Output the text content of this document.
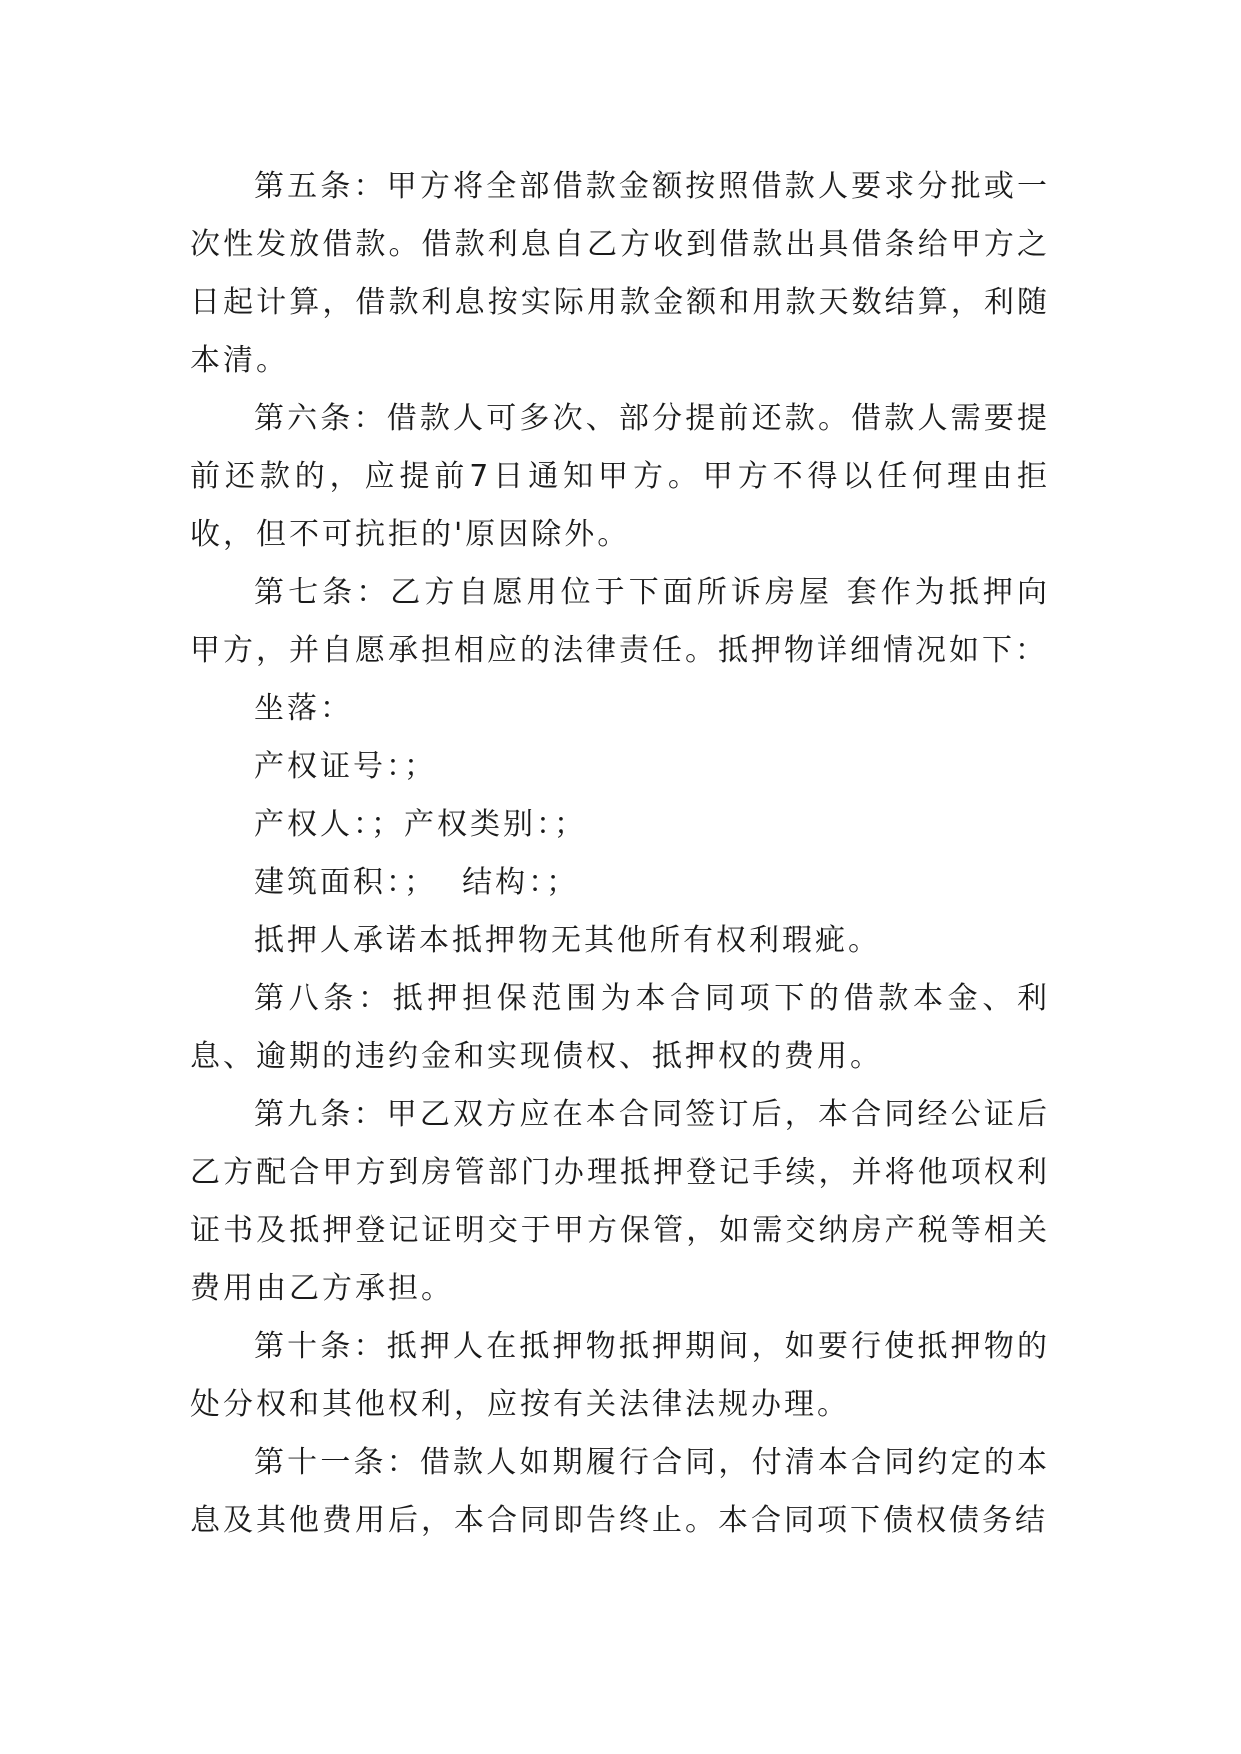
第五条：甲方将全部借款金额按照借款人要求分批或一次性发放借款。借款利息自乙方收到借款出具借条给甲方之日起计算，借款利息按实际用款金额和用款天数结算，利随本清。

第六条：借款人可多次、部分提前还款。借款人需要提前还款的，应提前7日通知甲方。甲方不得以任何理由拒收，但不可抗拒的'原因除外。

第七条：乙方自愿用位于下面所诉房屋 套作为抵押向甲方，并自愿承担相应的法律责任。抵押物详细情况如下：

坐落：

产权证号：；

产权人：；产权类别：；

建筑面积：；  结构：；

抵押人承诺本抵押物无其他所有权利瑕疵。

第八条：抵押担保范围为本合同项下的借款本金、利息、逾期的违约金和实现债权、抵押权的费用。

第九条：甲乙双方应在本合同签订后，本合同经公证后乙方配合甲方到房管部门办理抵押登记手续，并将他项权利证书及抵押登记证明交于甲方保管，如需交纳房产税等相关费用由乙方承担。

第十条：抵押人在抵押物抵押期间，如要行使抵押物的处分权和其他权利，应按有关法律法规办理。

第十一条：借款人如期履行合同，付清本合同约定的本息及其他费用后，本合同即告终止。本合同项下债权债务结
